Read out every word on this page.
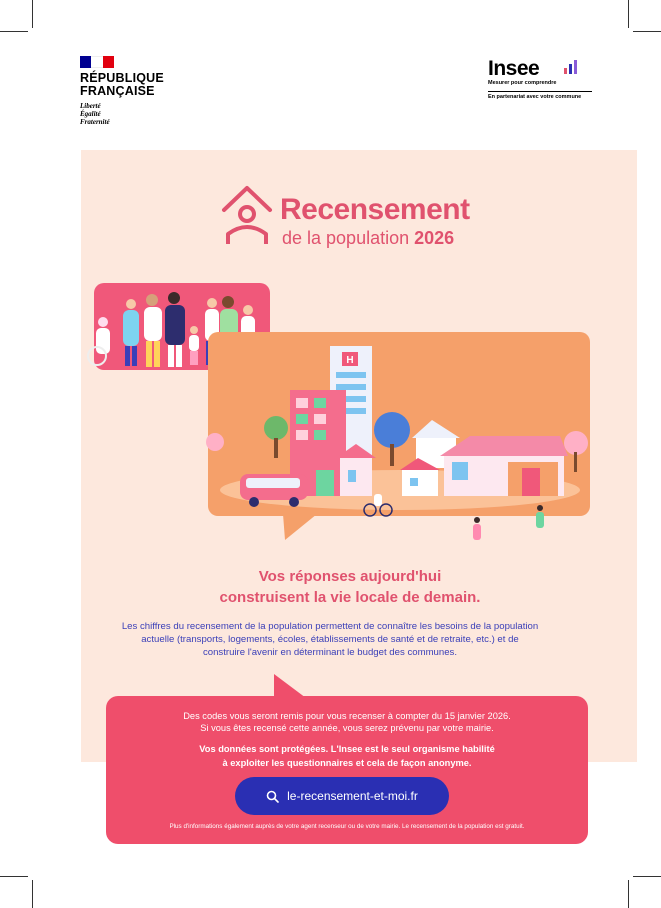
RÉPUBLIQUE FRANÇAISE
Liberté
Égalité
Fraternité
Insee
Mesurer pour comprendre
En partenariat avec votre commune
Recensement
de la population 2026
H
Vos réponses aujourd'hui
construisent la vie locale de demain.
Les chiffres du recensement de la population permettent de connaître les besoins de la population actuelle (transports, logements, écoles, établissements de santé et de retraite, etc.) et de construire l'avenir en déterminant le budget des communes.
Des codes vous seront remis pour vous recenser à compter du 15 janvier 2026.
Si vous êtes recensé cette année, vous serez prévenu par votre mairie.
Vos données sont protégées. L'Insee est le seul organisme habilité
à exploiter les questionnaires et cela de façon anonyme.
le-recensement-et-moi.fr
Plus d'informations également auprès de votre agent recenseur ou de votre mairie. Le recensement de la population est gratuit.
